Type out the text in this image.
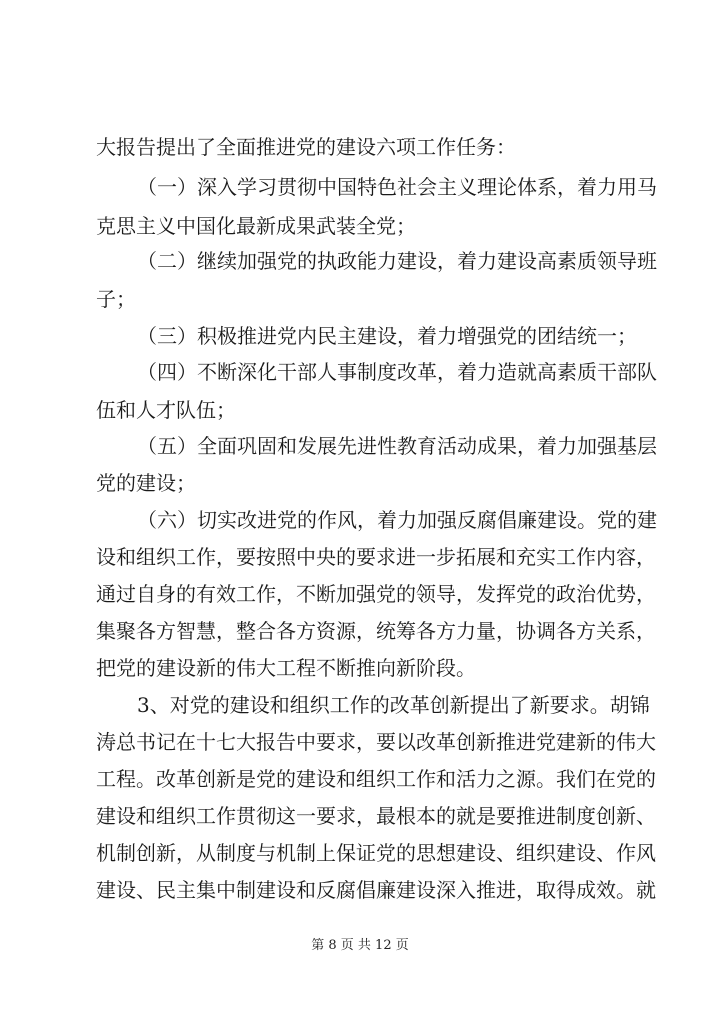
大报告提出了全面推进党的建设六项工作任务：
（一）深入学习贯彻中国特色社会主义理论体系，着力用马
克思主义中国化最新成果武装全党；
（二）继续加强党的执政能力建设，着力建设高素质领导班
子；
（三）积极推进党内民主建设，着力增强党的团结统一；
（四）不断深化干部人事制度改革，着力造就高素质干部队
伍和人才队伍；
（五）全面巩固和发展先进性教育活动成果，着力加强基层
党的建设；
（六）切实改进党的作风，着力加强反腐倡廉建设。党的建
设和组织工作，要按照中央的要求进一步拓展和充实工作内容，
通过自身的有效工作，不断加强党的领导，发挥党的政治优势，
集聚各方智慧，整合各方资源，统筹各方力量，协调各方关系，
把党的建设新的伟大工程不断推向新阶段。
3、对党的建设和组织工作的改革创新提出了新要求。胡锦
涛总书记在十七大报告中要求，要以改革创新推进党建新的伟大
工程。改革创新是党的建设和组织工作和活力之源。我们在党的
建设和组织工作贯彻这一要求，最根本的就是要推进制度创新、
机制创新，从制度与机制上保证党的思想建设、组织建设、作风
建设、民主集中制建设和反腐倡廉建设深入推进，取得成效。就
第 8 页 共 12 页
